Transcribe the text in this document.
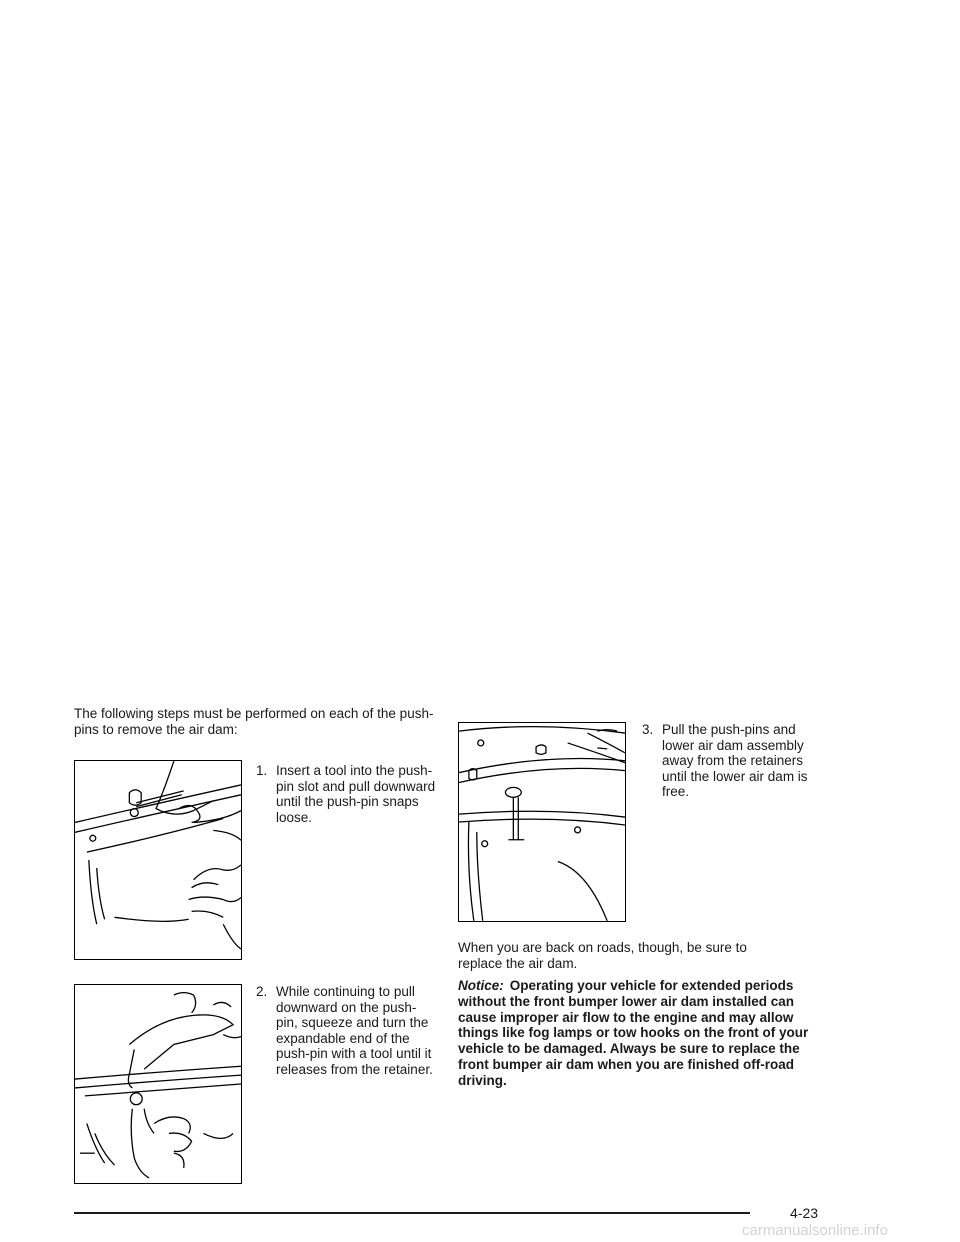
The following steps must be performed on each of the push-pins to remove the air dam:

1. Insert a tool into the push-pin slot and pull downward until the push-pin snaps loose.
2. While continuing to pull downward on the push-pin, squeeze and turn the expandable end of the push-pin with a tool until it releases from the retainer.
3. Pull the push-pins and lower air dam assembly away from the retainers until the lower air dam is free.

When you are back on roads, though, be sure to replace the air dam.

Notice: Operating your vehicle for extended periods without the front bumper lower air dam installed can cause improper air flow to the engine and may allow things like fog lamps or tow hooks on the front of your vehicle to be damaged. Always be sure to replace the front bumper air dam when you are finished off-road driving.
4-23
carmanualsonline.info
